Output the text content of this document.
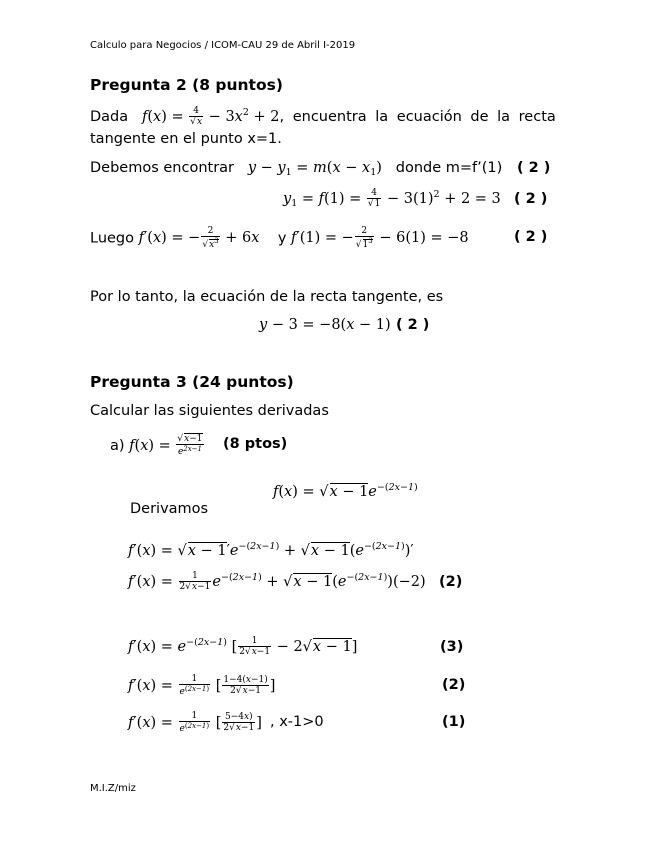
Calculo para Negocios / ICOM-CAU 29 de Abril I-2019
Pregunta 2 (8 puntos)
Dada $f(x) = \frac{4}{√x} - 3x^2 + 2$, encuentra la ecuación de la recta
tangente en el punto x=1.
Debemos encontrar   $y - y_1 = m(x - x_1)$ donde m=f’(1) ( 2 )
$y_1 = f(1) = \frac{4}{√1} - 3(1)^2 + 2 = 3$ ( 2 )
Luego f′(x) = − $\frac{2}{√x^3} + 6x$ y f′(1) = − $\frac{2}{√1^3} - 6(1) = -8$	( 2 )
Por lo tanto, la ecuación de la recta tangente, es
y − 3 = −8(x − 1) ( 2 )
Pregunta 3 (24 puntos)
Calcular las siguientes derivadas
a) $f(x) = \frac{√x-1}{e^{2x-1}} (8$ ptos)
$f(x) = √x - 1e^{-(2x-1)}$
Derivamos
$f'(x) = √x - 1'e^{-(2x-1)} + √x - 1(e^{-(2x-1)})'$
$f'(x) = \frac{1}{2√x-1} e^{-(2x-1)} + √x - 1(e^{-(2x-1)})(-2)$ (2)
$f'(x) = e^{-(2x-1)}$ [ $\frac{1}{2√x-1} - 2√x - 1$]	(3)
$f'(x) = \frac{1}{e^{(2x-1)}}$ [ $\frac{1-4(x-1)}{2√x-1}$ ]	(2)
$f'(x) = \frac{1}{e^{(2x-1)}}$ [ $\frac{5-4x)}{2√x-1}$ ] , x-1>0	(1)
M.I.Z/miz
